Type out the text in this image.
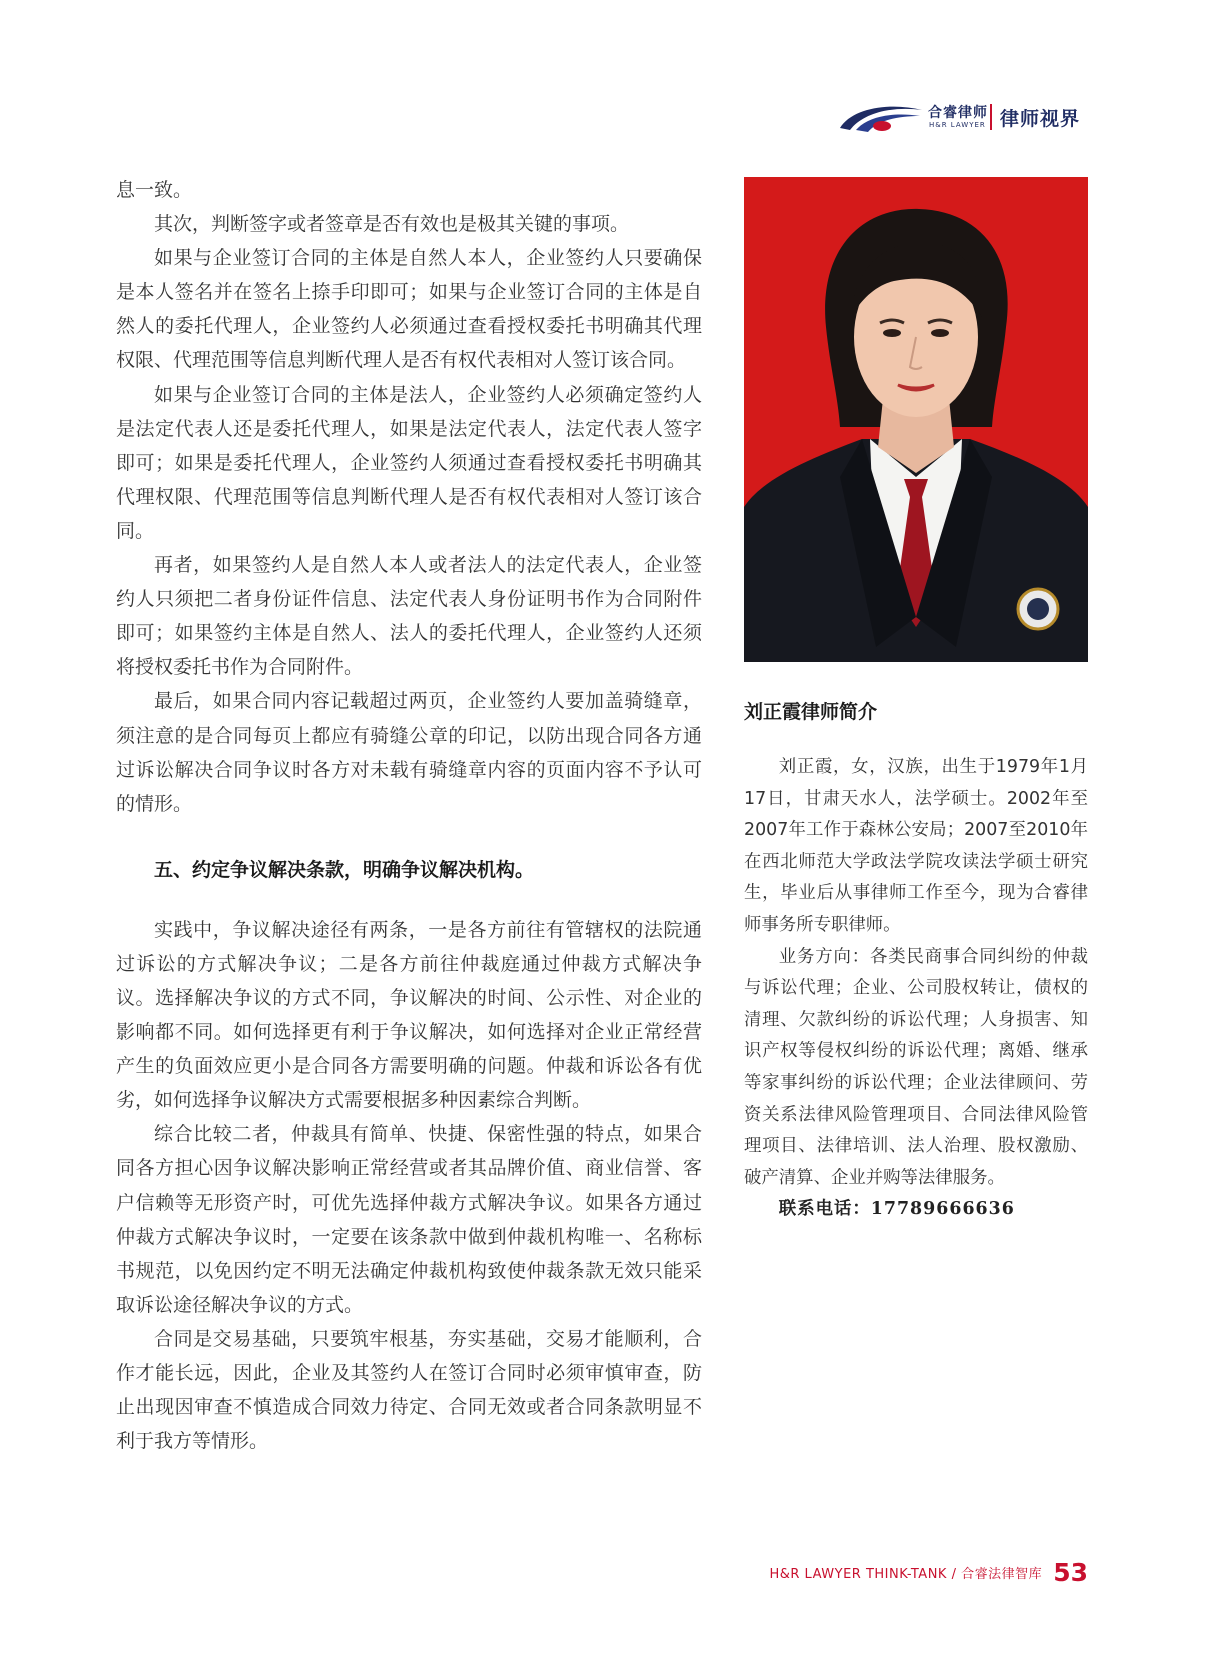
合睿律师
H&R LAWYER 律师视界

息一致。

其次，判断签字或者签章是否有效也是极其关键的事项。

如果与企业签订合同的主体是自然人本人，企业签约人只要确保是本人签名并在签名上捺手印即可；如果与企业签订合同的主体是自然人的委托代理人，企业签约人必须通过查看授权委托书明确其代理权限、代理范围等信息判断代理人是否有权代表相对人签订该合同。

如果与企业签订合同的主体是法人，企业签约人必须确定签约人是法定代表人还是委托代理人，如果是法定代表人，法定代表人签字即可；如果是委托代理人，企业签约人须通过查看授权委托书明确其代理权限、代理范围等信息判断代理人是否有权代表相对人签订该合同。

再者，如果签约人是自然人本人或者法人的法定代表人，企业签约人只须把二者身份证件信息、法定代表人身份证明书作为合同附件即可；如果签约主体是自然人、法人的委托代理人，企业签约人还须将授权委托书作为合同附件。

最后，如果合同内容记载超过两页，企业签约人要加盖骑缝章，须注意的是合同每页上都应有骑缝公章的印记，以防出现合同各方通过诉讼解决合同争议时各方对未载有骑缝章内容的页面内容不予认可的情形。

五、约定争议解决条款，明确争议解决机构。

实践中，争议解决途径有两条，一是各方前往有管辖权的法院通过诉讼的方式解决争议；二是各方前往仲裁庭通过仲裁方式解决争议。选择解决争议的方式不同，争议解决的时间、公示性、对企业的影响都不同。如何选择更有利于争议解决，如何选择对企业正常经营产生的负面效应更小是合同各方需要明确的问题。仲裁和诉讼各有优劣，如何选择争议解决方式需要根据多种因素综合判断。

综合比较二者，仲裁具有简单、快捷、保密性强的特点，如果合同各方担心因争议解决影响正常经营或者其品牌价值、商业信誉、客户信赖等无形资产时，可优先选择仲裁方式解决争议。如果各方通过仲裁方式解决争议时，一定要在该条款中做到仲裁机构唯一、名称标书规范，以免因约定不明无法确定仲裁机构致使仲裁条款无效只能采取诉讼途径解决争议的方式。

合同是交易基础，只要筑牢根基，夯实基础，交易才能顺利，合作才能长远，因此，企业及其签约人在签订合同时必须审慎审查，防止出现因审查不慎造成合同效力待定、合同无效或者合同条款明显不利于我方等情形。

刘正霞律师简介

刘正霞，女，汉族，出生于1979年1月17日，甘肃天水人，法学硕士。2002年至2007年工作于森林公安局；2007至2010年在西北师范大学政法学院攻读法学硕士研究生，毕业后从事律师工作至今，现为合睿律师事务所专职律师。

业务方向：各类民商事合同纠纷的仲裁与诉讼代理；企业、公司股权转让，债权的清理、欠款纠纷的诉讼代理；人身损害、知识产权等侵权纠纷的诉讼代理；离婚、继承等家事纠纷的诉讼代理；企业法律顾问、劳资关系法律风险管理项目、合同法律风险管理项目、法律培训、法人治理、股权激励、破产清算、企业并购等法律服务。

联系电话：17789666636

H&R LAWYER THINK-TANK / 合睿法律智库 53
